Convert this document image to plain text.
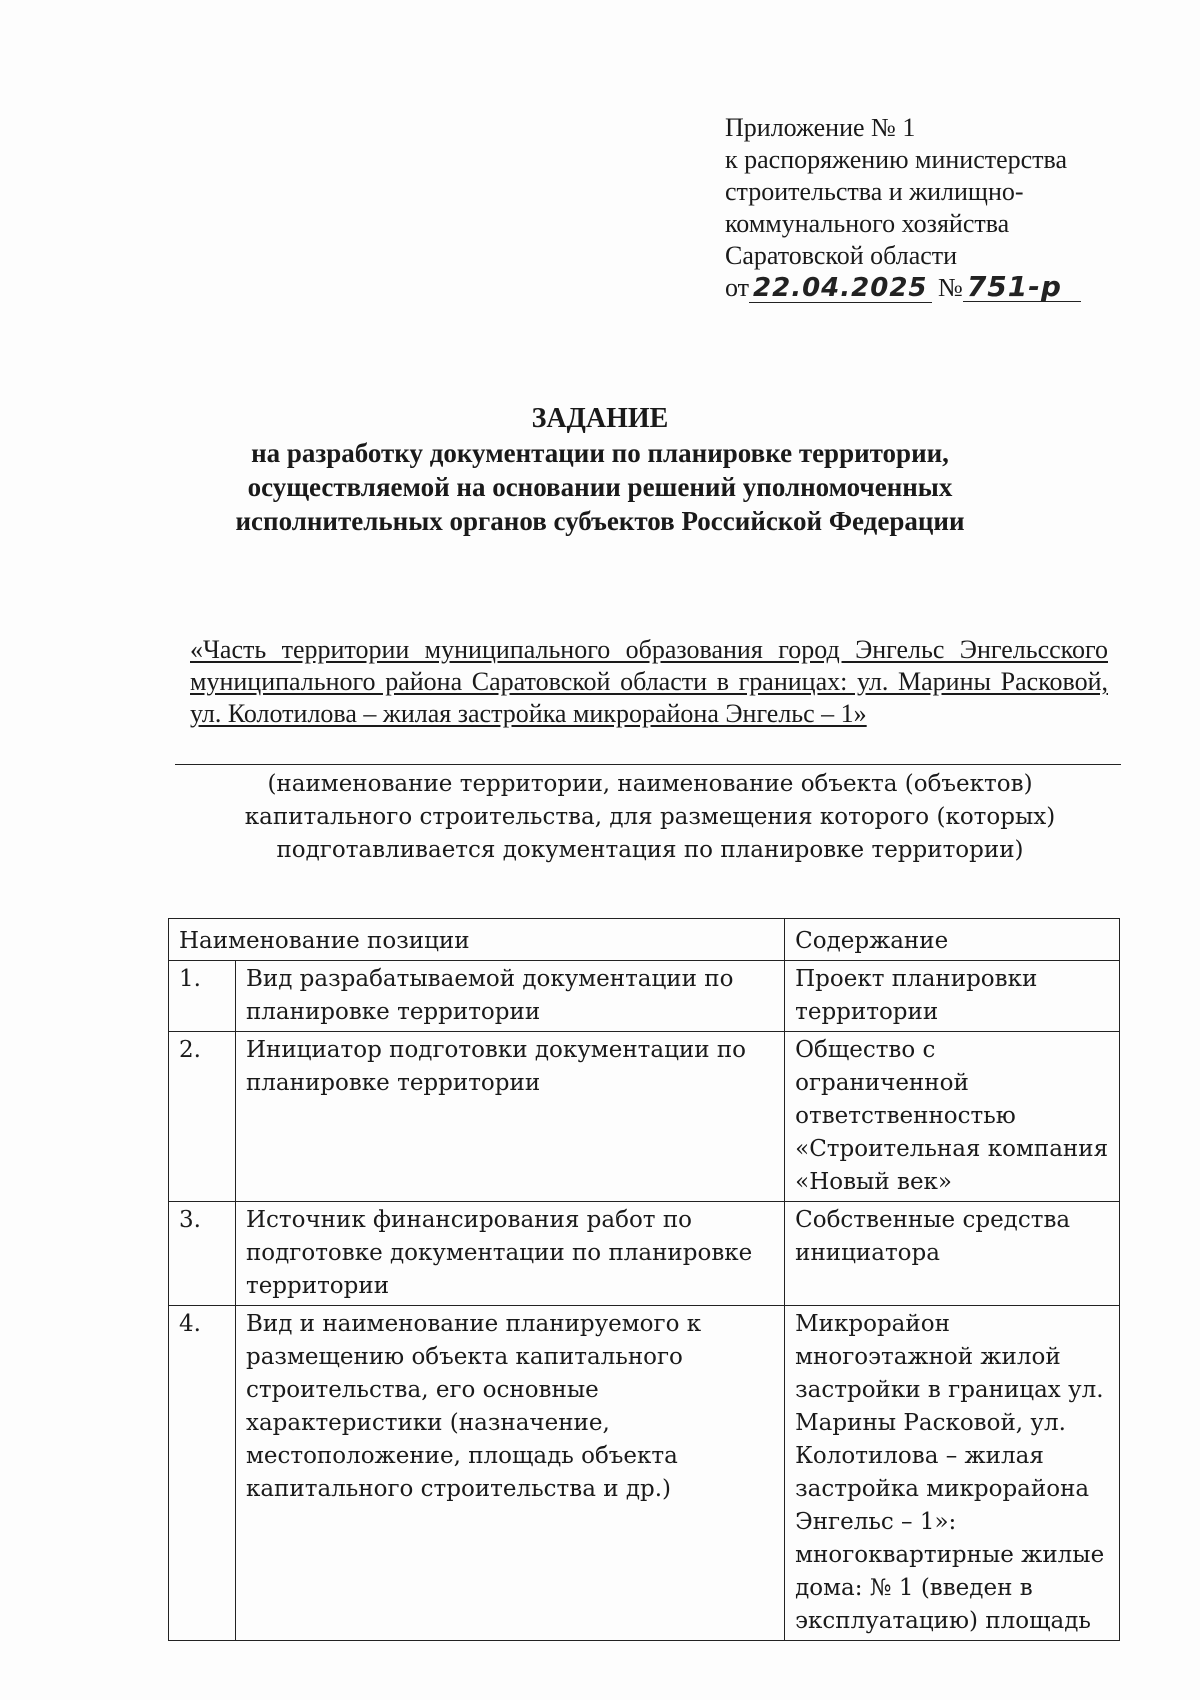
Приложение № 1
к распоряжению министерства
строительства и жилищно-
коммунального хозяйства
Саратовской области
от 22.04.2025 № 751-р
ЗАДАНИЕ
на разработку документации по планировке территории,
осуществляемой на основании решений уполномоченных
исполнительных органов субъектов Российской Федерации
«Часть территории муниципального образования город Энгельс Энгельсского муниципального района Саратовской области в границах: ул. Марины Расковой, ул. Колотилова – жилая застройка микрорайона Энгельс – 1»
(наименование территории, наименование объекта (объектов)
капитального строительства, для размещения которого (которых)
подготавливается документация по планировке территории)
Наименование позиции		Содержание
1.	Вид разрабатываемой документации по планировке территории	Проект планировки территории
2.	Инициатор подготовки документации по планировке территории	Общество с ограниченной ответственностью «Строительная компания «Новый век»
3.	Источник финансирования работ по подготовке документации по планировке территории	Собственные средства инициатора
4.	Вид и наименование планируемого к размещению объекта капитального строительства, его основные характеристики (назначение, местоположение, площадь объекта капитального строительства и др.)	Микрорайон многоэтажной жилой застройки в границах ул. Марины Расковой, ул. Колотилова – жилая застройка микрорайона Энгельс – 1»: многоквартирные жилые дома: № 1 (введен в эксплуатацию) площадь
